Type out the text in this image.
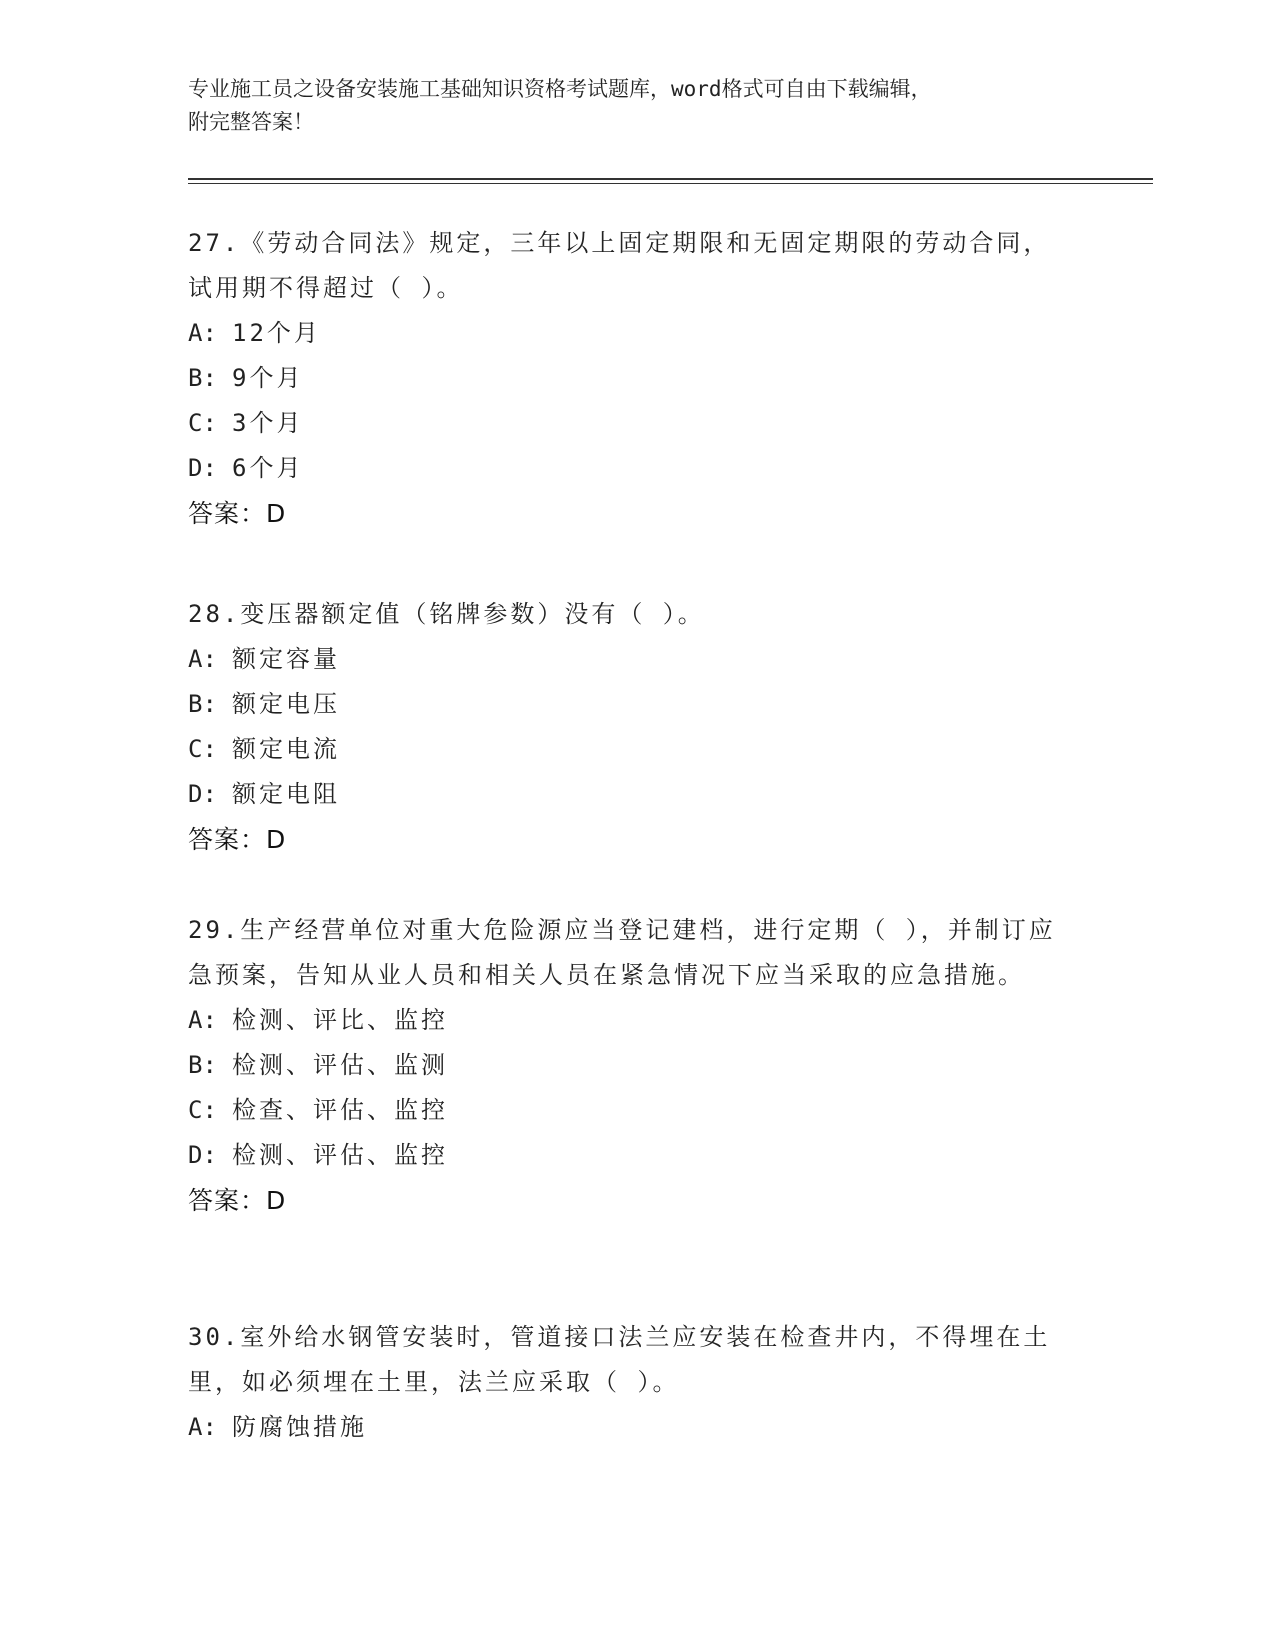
专业施工员之设备安装施工基础知识资格考试题库，word格式可自由下载编辑，
附完整答案！

27.《劳动合同法》规定，三年以上固定期限和无固定期限的劳动合同，试用期不得超过（ ）。

A: 12个月
B: 9个月
C: 3个月
D: 6个月
答案：D

28.变压器额定值（铭牌参数）没有（ ）。

A: 额定容量
B: 额定电压
C: 额定电流
D: 额定电阻
答案：D

29.生产经营单位对重大危险源应当登记建档，进行定期（ ），并制订应急预案，告知从业人员和相关人员在紧急情况下应当采取的应急措施。

A: 检测、评比、监控
B: 检测、评估、监测
C: 检查、评估、监控
D: 检测、评估、监控
答案：D

30.室外给水钢管安装时，管道接口法兰应安装在检查井内，不得埋在土里，如必须埋在土里，法兰应采取（ ）。

A: 防腐蚀措施
